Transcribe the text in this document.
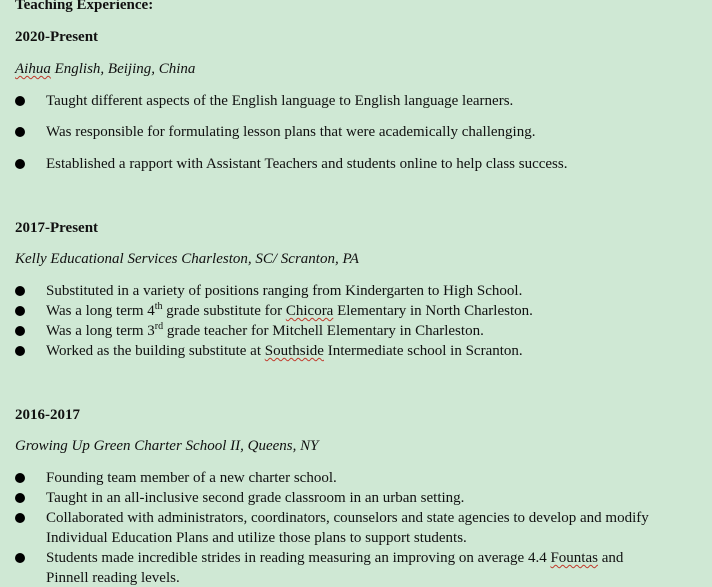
Teaching Experience:
2020-Present
Aihua English, Beijing, China
Taught different aspects of the English language to English language learners.
Was responsible for formulating lesson plans that were academically challenging.
Established a rapport with Assistant Teachers and students online to help class success.
2017-Present
Kelly Educational Services Charleston, SC/ Scranton, PA
Substituted in a variety of positions ranging from Kindergarten to High School.
Was a long term 4th grade substitute for Chicora Elementary in North Charleston.
Was a long term 3rd grade teacher for Mitchell Elementary in Charleston.
Worked as the building substitute at Southside Intermediate school in Scranton.
2016-2017
Growing Up Green Charter School II, Queens, NY
Founding team member of a new charter school.
Taught in an all-inclusive second grade classroom in an urban setting.
Collaborated with administrators, coordinators, counselors and state agencies to develop and modify
Individual Education Plans and utilize those plans to support students.
Students made incredible strides in reading measuring an improving on average 4.4 Fountas and
Pinnell reading levels.
